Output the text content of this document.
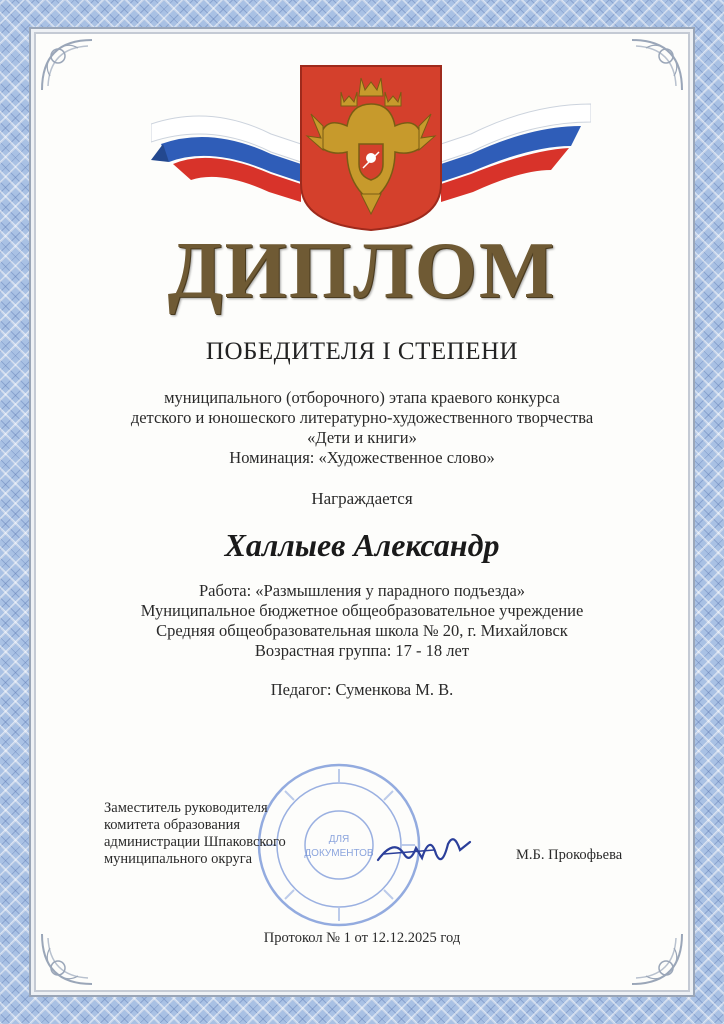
ДИПЛОМ
ПОБЕДИТЕЛЯ I СТЕПЕНИ
муниципального (отборочного) этапа краевого конкурса
детского и юношеского литературно-художественного творчества
«Дети и книги»
Номинация: «Художественное слово»
Награждается
Халлыев Александр
Работа: «Размышления у парадного подъезда»
Муниципальное бюджетное общеобразовательное учреждение
Средняя общеобразовательная школа № 20, г. Михайловск
Возрастная группа: 17 - 18 лет
Педагог: Суменкова М. В.
ДЛЯ
ДОКУМЕНТОВ
Заместитель руководителя
комитета образования
администрации Шпаковского
муниципального округа	М.Б. Прокофьева
Протокол № 1 от 12.12.2025 год
